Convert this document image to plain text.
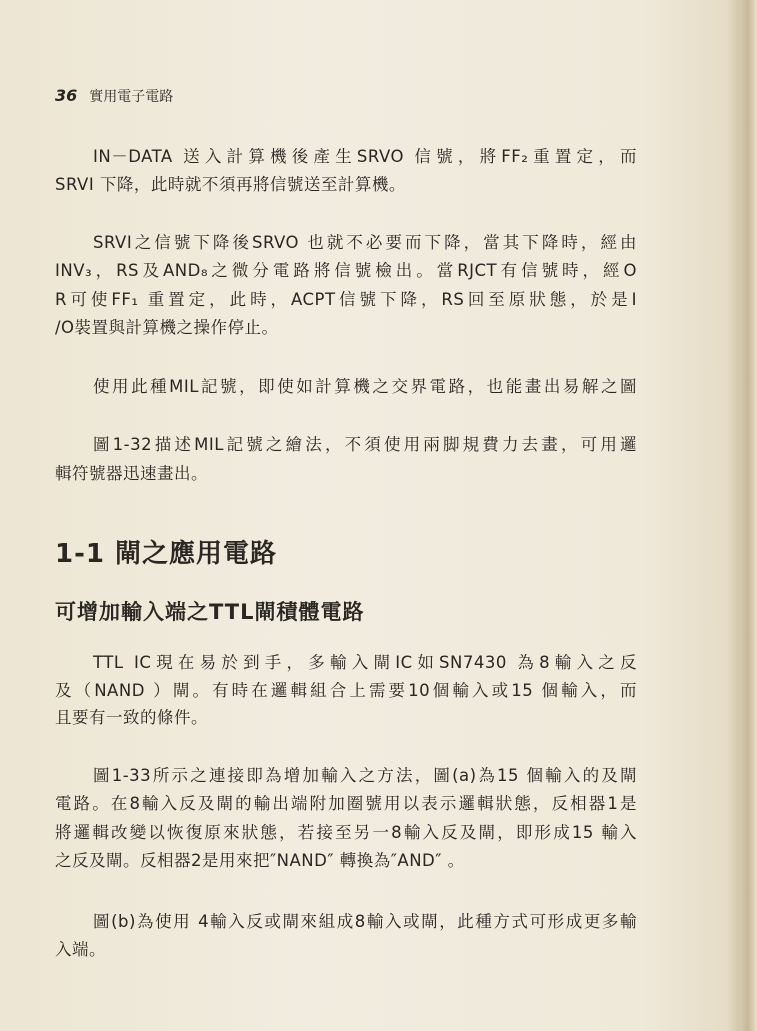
36 實用電子電路
IN－DATA 送入計算機後產生SRVO 信號，將FF₂重置定，而
SRVI 下降，此時就不須再將信號送至計算機。
SRVI之信號下降後SRVO 也就不必要而下降，當其下降時，經由
INV₃，RS及AND₈之微分電路將信號檢出。當RJCT有信號時，經O
R可使FF₁ 重置定，此時，ACPT信號下降，RS回至原狀態，於是I
/O裝置與計算機之操作停止。
使用此種MIL記號，即使如計算機之交界電路，也能畫出易解之圖
圖1-32描述MIL記號之繪法，不須使用兩脚規費力去畫，可用邏
輯符號器迅速畫出。
1-1 閘之應用電路
可增加輸入端之TTL閘積體電路
TTL IC現在易於到手，多輸入閘IC如SN7430 為8輸入之反
及（NAND ）閘。有時在邏輯組合上需要10個輸入或15 個輸入，而
且要有一致的條件。
圖1-33所示之連接即為增加輸入之方法，圖(a)為15 個輸入的及閘
電路。在8輸入反及閘的輸出端附加圈號用以表示邏輯狀態，反相器1是
將邏輯改變以恢復原來狀態，若接至另一8輸入反及閘，即形成15 輸入
之反及閘。反相器2是用來把″NAND″ 轉換為″AND″ 。
圖(b)為使用 4輸入反或閘來組成8輸入或閘，此種方式可形成更多輸
入端。
